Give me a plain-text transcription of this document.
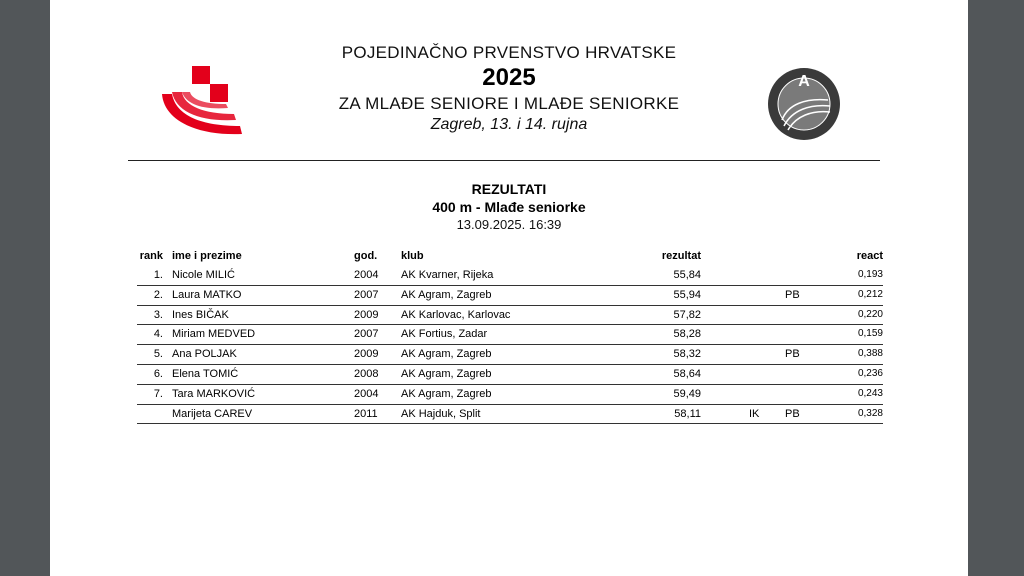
A
POJEDINAČNO PRVENSTVO HRVATSKE
2025
ZA MLAĐE SENIORE I MLAĐE SENIORKE
Zagreb, 13. i 14. rujna
REZULTATI
400 m - Mlađe seniorke
13.09.2025. 16:39
rank ime i prezime	god. klub	rezultat	react
1. Nicole MILIĆ	2004 AK Kvarner, Rijeka	55,84	0,193
2. Laura MATKO	2007 AK Agram, Zagreb	55,94	PB	0,212
3. Ines BIČAK	2009 AK Karlovac, Karlovac	57,82	0,220
4. Miriam MEDVED	2007 AK Fortius, Zadar	58,28	0,159
5. Ana POLJAK	2009 AK Agram, Zagreb	58,32	PB	0,388
6. Elena TOMIĆ	2008 AK Agram, Zagreb	58,64	0,236
7. Tara MARKOVIĆ	2004 AK Agram, Zagreb	59,49	0,243
Marijeta CAREV	2011 AK Hajduk, Split	58,11	IK PB	0,328
